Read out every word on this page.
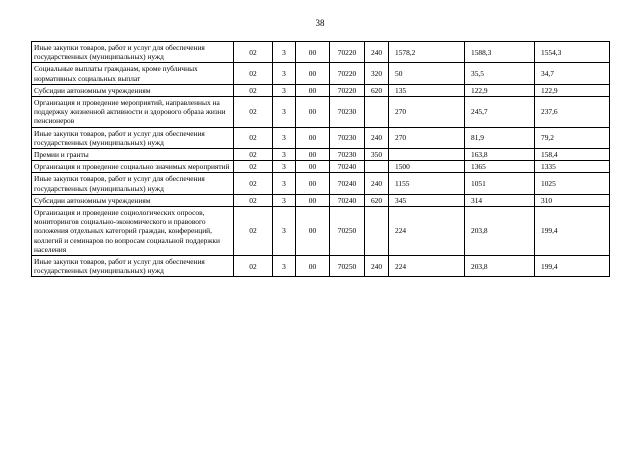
38
Иные закупки товаров, работ и услуг для обеспечения государственных (муниципальных) нужд	02	3	00	70220	240	1578,2	1588,3	1554,3
Социальные выплаты гражданам, кроме публичных нормативных социальных выплат	02	3	00	70220	320	50	35,5	34,7
Субсидии автономным учреждениям	02	3	00	70220	620	135	122,9	122,9
Организация и проведение мероприятий, направленных на поддержку жизненной активности и здорового образа жизни пенсионеров	02	3	00	70230		270	245,7	237,6
Иные закупки товаров, работ и услуг для обеспечения государственных (муниципальных) нужд	02	3	00	70230	240	270	81,9	79,2
Премии и гранты	02	3	00	70230	350		163,8	158,4
Организация и проведение социально значимых мероприятий	02	3	00	70240		1500	1365	1335
Иные закупки товаров, работ и услуг для обеспечения государственных (муниципальных) нужд	02	3	00	70240	240	1155	1051	1025
Субсидии автономным учреждениям	02	3	00	70240	620	345	314	310
Организация и проведение социологических опросов, мониторингов социально-экономического и правового положения отдельных категорий граждан, конференций, коллегий и семинаров по вопросам социальной поддержки населения	02	3	00	70250		224	203,8	199,4
Иные закупки товаров, работ и услуг для обеспечения государственных (муниципальных) нужд	02	3	00	70250	240	224	203,8	199,4
